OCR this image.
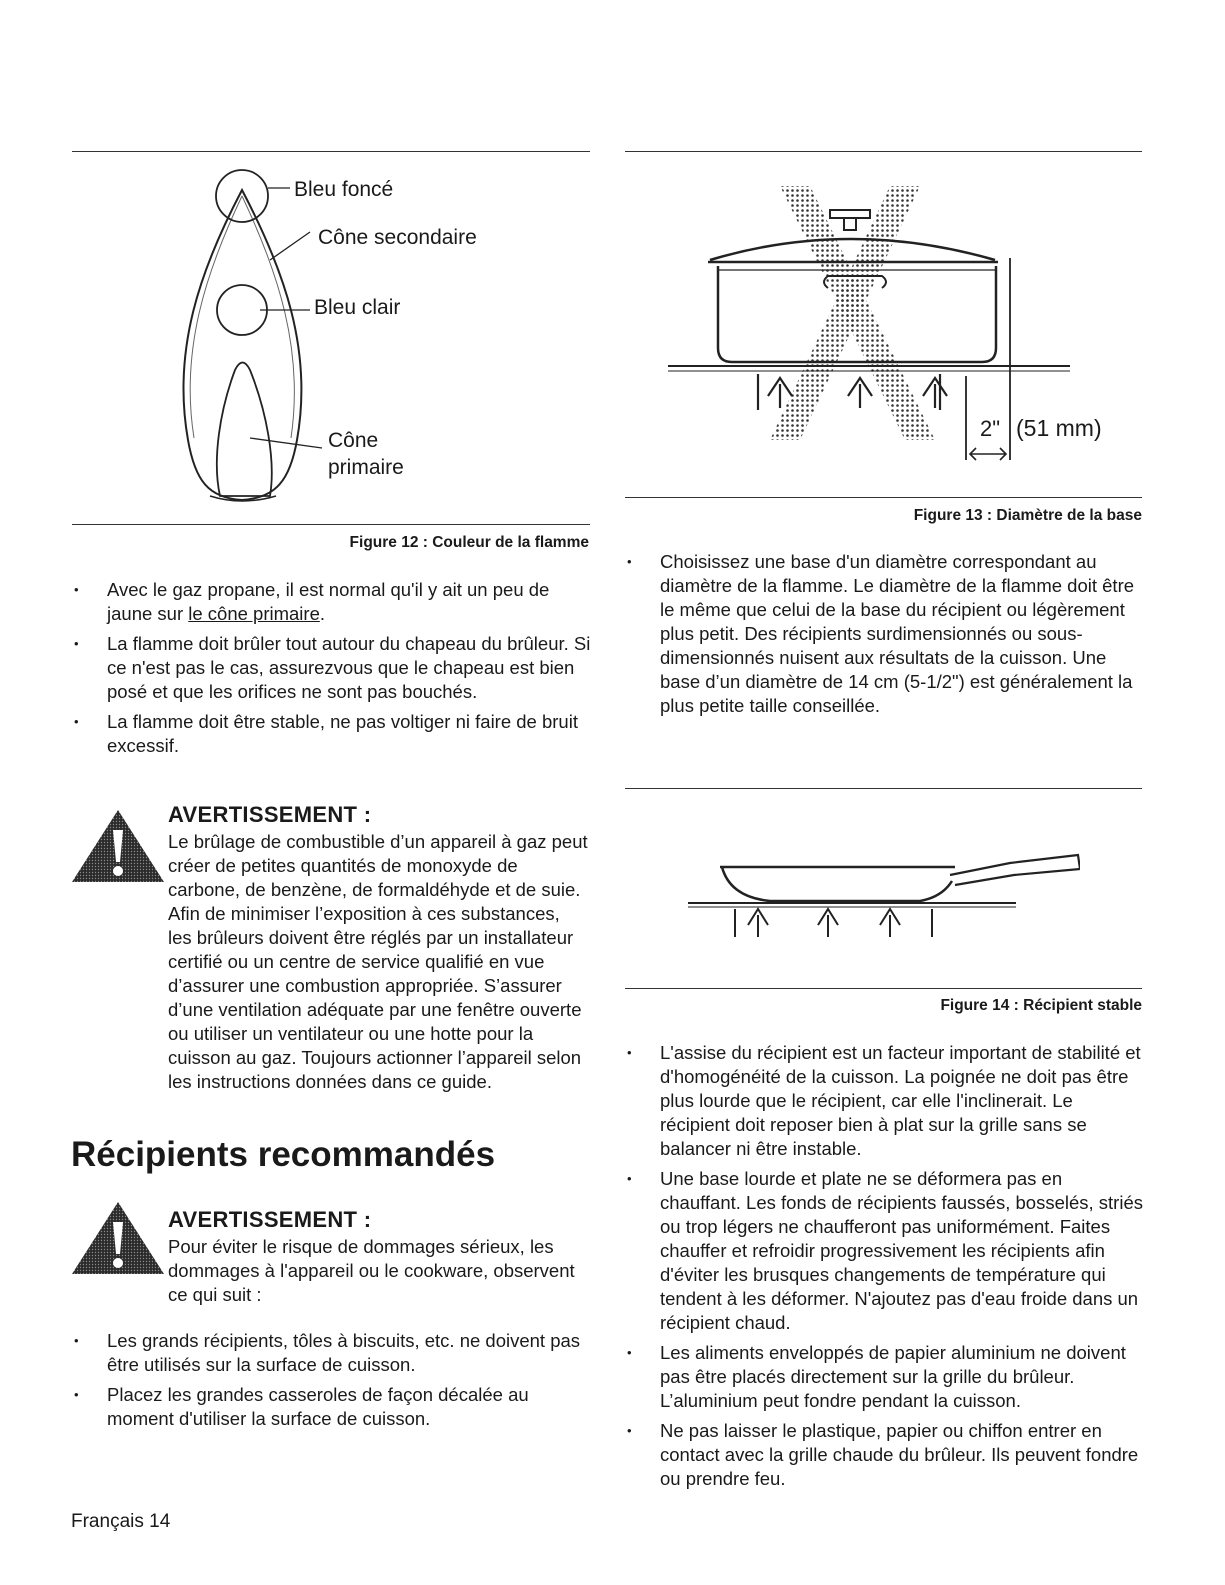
Bleu foncé
Cône secondaire
Bleu clair
Cône
primaire
Figure 12 : Couleur de la flamme
• Avec le gaz propane, il est normal qu'il y ait un peu de jaune sur le cône primaire.
• La flamme doit brûler tout autour du chapeau du brûleur. Si ce n'est pas le cas, assurezvous que le chapeau est bien posé et que les orifices ne sont pas bouchés.
• La flamme doit être stable, ne pas voltiger ni faire de bruit excessif.
AVERTISSEMENT :
Le brûlage de combustible d’un appareil à gaz peut créer de petites quantités de monoxyde de carbone, de benzène, de formaldéhyde et de suie. Afin de minimiser l’exposition à ces substances, les brûleurs doivent être réglés par un installateur certifié ou un centre de service qualifié en vue d’assurer une combustion appropriée. S’assurer d’une ventilation adéquate par une fenêtre ouverte ou utiliser un ventilateur ou une hotte pour la cuisson au gaz. Toujours actionner l’appareil selon les instructions données dans ce guide.
Récipients recommandés
AVERTISSEMENT :
Pour éviter le risque de dommages sérieux, les dommages à l'appareil ou le cookware, observent ce qui suit :
• Les grands récipients, tôles à biscuits, etc. ne doivent pas être utilisés sur la surface de cuisson.
• Placez les grandes casseroles de façon décalée au moment d'utiliser la surface de cuisson.
Français 14
2" (51 mm)
Figure 13 : Diamètre de la base
• Choisissez une base d'un diamètre correspondant au diamètre de la flamme. Le diamètre de la flamme doit être le même que celui de la base du récipient ou légèrement plus petit. Des récipients surdimensionnés ou sous-dimensionnés nuisent aux résultats de la cuisson. Une base d’un diamètre de 14 cm (5-1/2") est généralement la plus petite taille conseillée.
Figure 14 : Récipient stable
• L'assise du récipient est un facteur important de stabilité et d'homogénéité de la cuisson. La poignée ne doit pas être plus lourde que le récipient, car elle l'inclinerait. Le récipient doit reposer bien à plat sur la grille sans se balancer ni être instable.
• Une base lourde et plate ne se déformera pas en chauffant. Les fonds de récipients faussés, bosselés, striés ou trop légers ne chaufferont pas uniformément. Faites chauffer et refroidir progressivement les récipients afin d'éviter les brusques changements de température qui tendent à les déformer. N'ajoutez pas d'eau froide dans un récipient chaud.
• Les aliments enveloppés de papier aluminium ne doivent pas être placés directement sur la grille du brûleur. L’aluminium peut fondre pendant la cuisson.
• Ne pas laisser le plastique, papier ou chiffon entrer en contact avec la grille chaude du brûleur. Ils peuvent fondre ou prendre feu.
